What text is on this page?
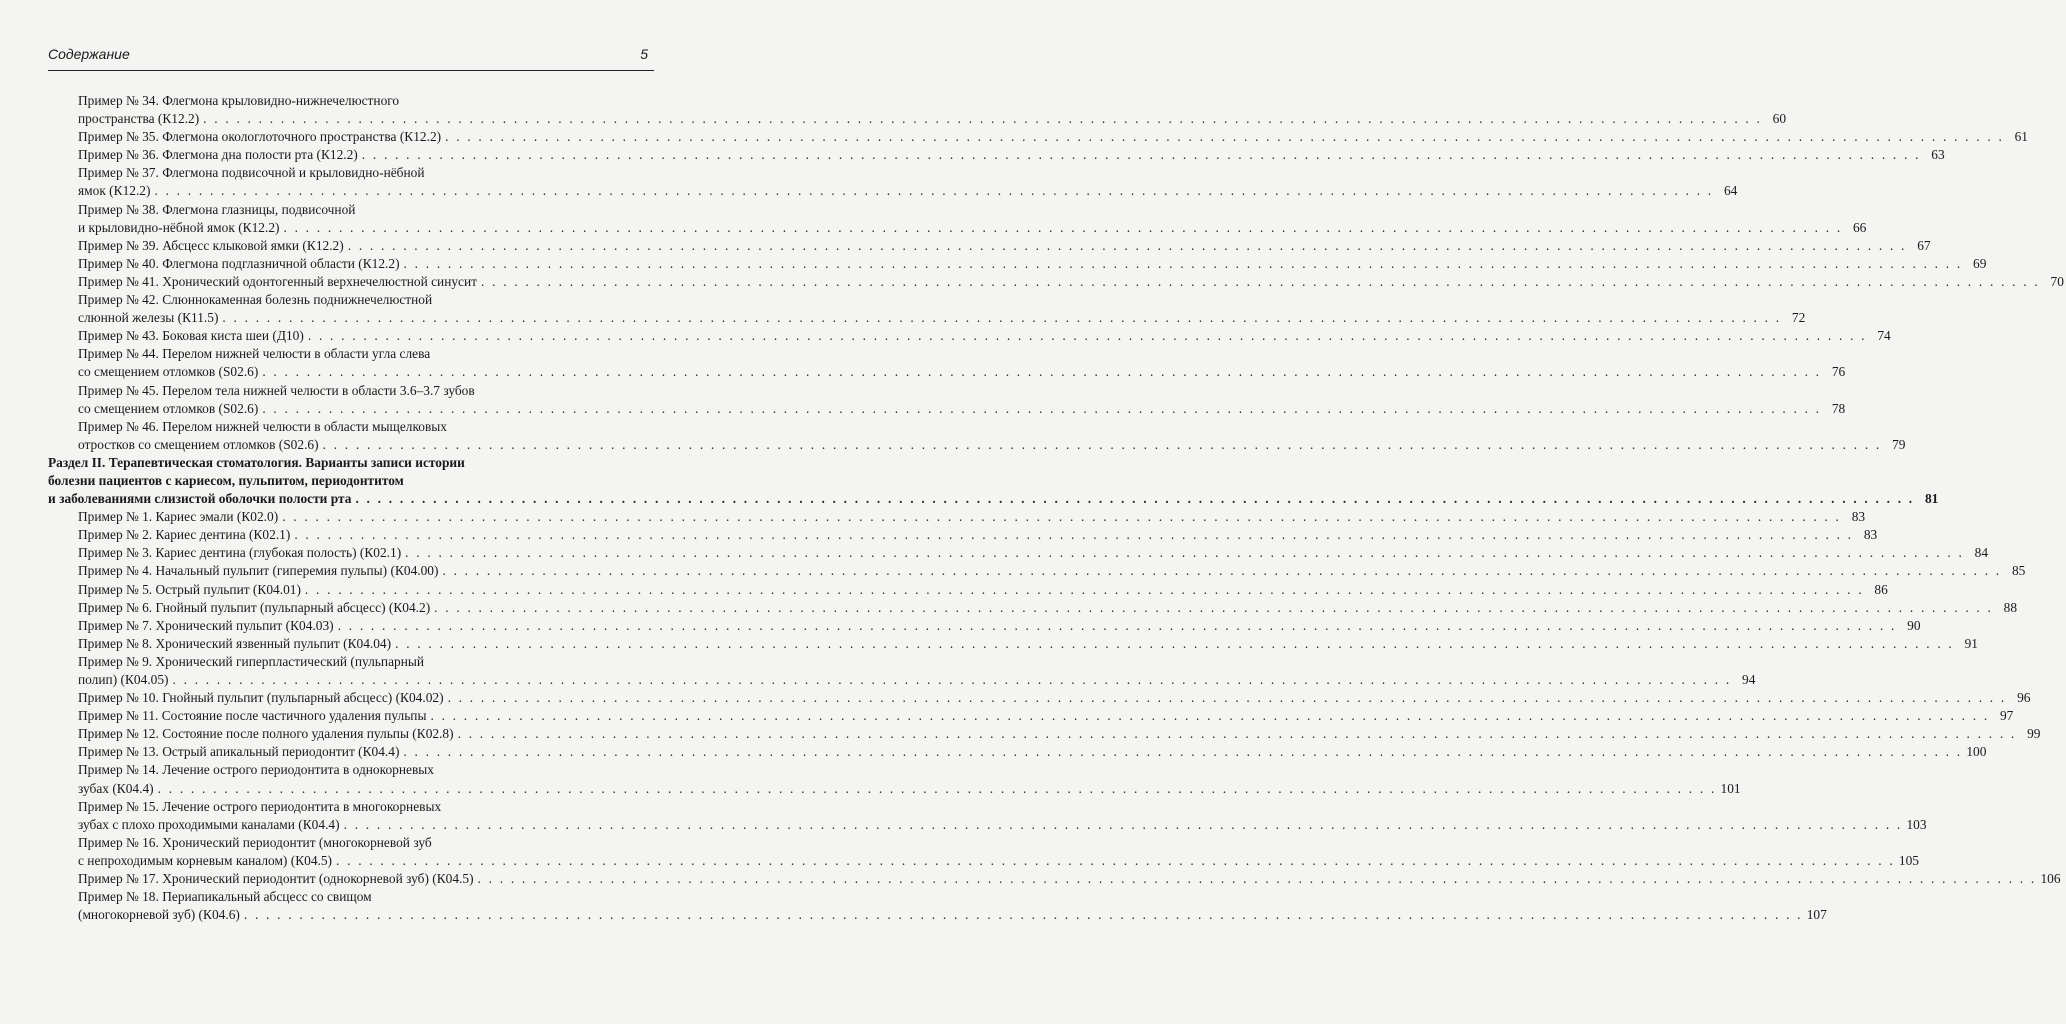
Содержание	5
Пример № 34. Флегмона крыловидно-нижнечелюстного
пространства (К12.2) . . . . . . . . . . . . . . . . . . . . . . . . . . . . . . . . . . . . . . . . . . . . . . . . . . . . . . . . . . . . . . . . . . . . . . . . . . . . . . . . . . . . . . . . . . . . . . . . . . . . . . . . . . . . . . . . . . . . . . . . . . . . . . . . . . . . . . . . . . . . . 60
Пример № 35. Флегмона окологлоточного пространства (К12.2) . . . . . . . . . . . . . . . . . . . . . . . . . . . . . . . . . . . . . . . . . . . . . . . . . . . . . . . . . . . . . . . . . . . . . . . . . . . . . . . . . . . . . . . . . . . . . . . . . . . . . . . . . . . . . . . . . . . . . . . . . . . . . . . . . . . . . . . . . . . . . 61
Пример № 36. Флегмона дна полости рта (К12.2) . . . . . . . . . . . . . . . . . . . . . . . . . . . . . . . . . . . . . . . . . . . . . . . . . . . . . . . . . . . . . . . . . . . . . . . . . . . . . . . . . . . . . . . . . . . . . . . . . . . . . . . . . . . . . . . . . . . . . . . . . . . . . . . . . . . . . . . . . . . . . 63
Пример № 37. Флегмона подвисочной и крыловидно-нёбной
ямок (К12.2) . . . . . . . . . . . . . . . . . . . . . . . . . . . . . . . . . . . . . . . . . . . . . . . . . . . . . . . . . . . . . . . . . . . . . . . . . . . . . . . . . . . . . . . . . . . . . . . . . . . . . . . . . . . . . . . . . . . . . . . . . . . . . . . . . . . . . . . . . . . . . 64
Пример № 38. Флегмона глазницы, подвисочной
и крыловидно-нёбной ямок (К12.2) . . . . . . . . . . . . . . . . . . . . . . . . . . . . . . . . . . . . . . . . . . . . . . . . . . . . . . . . . . . . . . . . . . . . . . . . . . . . . . . . . . . . . . . . . . . . . . . . . . . . . . . . . . . . . . . . . . . . . . . . . . . . . . . . . . . . . . . . . . . . . 66
Пример № 39. Абсцесс клыковой ямки (К12.2) . . . . . . . . . . . . . . . . . . . . . . . . . . . . . . . . . . . . . . . . . . . . . . . . . . . . . . . . . . . . . . . . . . . . . . . . . . . . . . . . . . . . . . . . . . . . . . . . . . . . . . . . . . . . . . . . . . . . . . . . . . . . . . . . . . . . . . . . . . . . . 67
Пример № 40. Флегмона подглазничной области (К12.2) . . . . . . . . . . . . . . . . . . . . . . . . . . . . . . . . . . . . . . . . . . . . . . . . . . . . . . . . . . . . . . . . . . . . . . . . . . . . . . . . . . . . . . . . . . . . . . . . . . . . . . . . . . . . . . . . . . . . . . . . . . . . . . . . . . . . . . . . . . . . . 69
Пример № 41. Хронический одонтогенный верхнечелюстной синусит . . . . . . . . . . . . . . . . . . . . . . . . . . . . . . . . . . . . . . . . . . . . . . . . . . . . . . . . . . . . . . . . . . . . . . . . . . . . . . . . . . . . . . . . . . . . . . . . . . . . . . . . . . . . . . . . . . . . . . . . . . . . . . . . . . . . . . . . . . . . . 70
Пример № 42. Слюннокаменная болезнь поднижнечелюстной
слюнной железы (К11.5) . . . . . . . . . . . . . . . . . . . . . . . . . . . . . . . . . . . . . . . . . . . . . . . . . . . . . . . . . . . . . . . . . . . . . . . . . . . . . . . . . . . . . . . . . . . . . . . . . . . . . . . . . . . . . . . . . . . . . . . . . . . . . . . . . . . . . . . . . . . . . 72
Пример № 43. Боковая киста шеи (Д10) . . . . . . . . . . . . . . . . . . . . . . . . . . . . . . . . . . . . . . . . . . . . . . . . . . . . . . . . . . . . . . . . . . . . . . . . . . . . . . . . . . . . . . . . . . . . . . . . . . . . . . . . . . . . . . . . . . . . . . . . . . . . . . . . . . . . . . . . . . . . . 74
Пример № 44. Перелом нижней челюсти в области угла слева
со смещением отломков (S02.6) . . . . . . . . . . . . . . . . . . . . . . . . . . . . . . . . . . . . . . . . . . . . . . . . . . . . . . . . . . . . . . . . . . . . . . . . . . . . . . . . . . . . . . . . . . . . . . . . . . . . . . . . . . . . . . . . . . . . . . . . . . . . . . . . . . . . . . . . . . . . . 76
Пример № 45. Перелом тела нижней челюсти в области 3.6–3.7 зубов
со смещением отломков (S02.6) . . . . . . . . . . . . . . . . . . . . . . . . . . . . . . . . . . . . . . . . . . . . . . . . . . . . . . . . . . . . . . . . . . . . . . . . . . . . . . . . . . . . . . . . . . . . . . . . . . . . . . . . . . . . . . . . . . . . . . . . . . . . . . . . . . . . . . . . . . . . . 78
Пример № 46. Перелом нижней челюсти в области мыщелковых
отростков со смещением отломков (S02.6) . . . . . . . . . . . . . . . . . . . . . . . . . . . . . . . . . . . . . . . . . . . . . . . . . . . . . . . . . . . . . . . . . . . . . . . . . . . . . . . . . . . . . . . . . . . . . . . . . . . . . . . . . . . . . . . . . . . . . . . . . . . . . . . . . . . . . . . . . . . . . 79
Раздел II. Терапевтическая стоматология. Варианты записи истории
болезни пациентов с кариесом, пульпитом, периодонтитом
и заболеваниями слизистой оболочки полости рта . . . . . . . . . . . . . . . . . . . . . . . . . . . . . . . . . . . . . . . . . . . . . . . . . . . . . . . . . . . . . . . . . . . . . . . . . . . . . . . . . . . . . . . . . . . . . . . . . . . . . . . . . . . . . . . . . . . . . . . . . . . . . . . . . . . . . . . . . . . . . 81
Пример № 1. Кариес эмали (К02.0) . . . . . . . . . . . . . . . . . . . . . . . . . . . . . . . . . . . . . . . . . . . . . . . . . . . . . . . . . . . . . . . . . . . . . . . . . . . . . . . . . . . . . . . . . . . . . . . . . . . . . . . . . . . . . . . . . . . . . . . . . . . . . . . . . . . . . . . . . . . . . 83
Пример № 2. Кариес дентина (К02.1) . . . . . . . . . . . . . . . . . . . . . . . . . . . . . . . . . . . . . . . . . . . . . . . . . . . . . . . . . . . . . . . . . . . . . . . . . . . . . . . . . . . . . . . . . . . . . . . . . . . . . . . . . . . . . . . . . . . . . . . . . . . . . . . . . . . . . . . . . . . . . 83
Пример № 3. Кариес дентина (глубокая полость) (К02.1) . . . . . . . . . . . . . . . . . . . . . . . . . . . . . . . . . . . . . . . . . . . . . . . . . . . . . . . . . . . . . . . . . . . . . . . . . . . . . . . . . . . . . . . . . . . . . . . . . . . . . . . . . . . . . . . . . . . . . . . . . . . . . . . . . . . . . . . . . . . . . 84
Пример № 4. Начальный пульпит (гиперемия пульпы) (К04.00) . . . . . . . . . . . . . . . . . . . . . . . . . . . . . . . . . . . . . . . . . . . . . . . . . . . . . . . . . . . . . . . . . . . . . . . . . . . . . . . . . . . . . . . . . . . . . . . . . . . . . . . . . . . . . . . . . . . . . . . . . . . . . . . . . . . . . . . . . . . . . 85
Пример № 5. Острый пульпит (К04.01) . . . . . . . . . . . . . . . . . . . . . . . . . . . . . . . . . . . . . . . . . . . . . . . . . . . . . . . . . . . . . . . . . . . . . . . . . . . . . . . . . . . . . . . . . . . . . . . . . . . . . . . . . . . . . . . . . . . . . . . . . . . . . . . . . . . . . . . . . . . . . 86
Пример № 6. Гнойный пульпит (пульпарный абсцесс) (К04.2) . . . . . . . . . . . . . . . . . . . . . . . . . . . . . . . . . . . . . . . . . . . . . . . . . . . . . . . . . . . . . . . . . . . . . . . . . . . . . . . . . . . . . . . . . . . . . . . . . . . . . . . . . . . . . . . . . . . . . . . . . . . . . . . . . . . . . . . . . . . . . 88
Пример № 7. Хронический пульпит (К04.03) . . . . . . . . . . . . . . . . . . . . . . . . . . . . . . . . . . . . . . . . . . . . . . . . . . . . . . . . . . . . . . . . . . . . . . . . . . . . . . . . . . . . . . . . . . . . . . . . . . . . . . . . . . . . . . . . . . . . . . . . . . . . . . . . . . . . . . . . . . . . . 90
Пример № 8. Хронический язвенный пульпит (К04.04) . . . . . . . . . . . . . . . . . . . . . . . . . . . . . . . . . . . . . . . . . . . . . . . . . . . . . . . . . . . . . . . . . . . . . . . . . . . . . . . . . . . . . . . . . . . . . . . . . . . . . . . . . . . . . . . . . . . . . . . . . . . . . . . . . . . . . . . . . . . . . 91
Пример № 9. Хронический гиперпластический (пульпарный
полип) (К04.05) . . . . . . . . . . . . . . . . . . . . . . . . . . . . . . . . . . . . . . . . . . . . . . . . . . . . . . . . . . . . . . . . . . . . . . . . . . . . . . . . . . . . . . . . . . . . . . . . . . . . . . . . . . . . . . . . . . . . . . . . . . . . . . . . . . . . . . . . . . . . . 94
Пример № 10. Гнойный пульпит (пульпарный абсцесс) (К04.02) . . . . . . . . . . . . . . . . . . . . . . . . . . . . . . . . . . . . . . . . . . . . . . . . . . . . . . . . . . . . . . . . . . . . . . . . . . . . . . . . . . . . . . . . . . . . . . . . . . . . . . . . . . . . . . . . . . . . . . . . . . . . . . . . . . . . . . . . . . . . . 96
Пример № 11. Состояние после частичного удаления пульпы . . . . . . . . . . . . . . . . . . . . . . . . . . . . . . . . . . . . . . . . . . . . . . . . . . . . . . . . . . . . . . . . . . . . . . . . . . . . . . . . . . . . . . . . . . . . . . . . . . . . . . . . . . . . . . . . . . . . . . . . . . . . . . . . . . . . . . . . . . . . . 97
Пример № 12. Состояние после полного удаления пульпы (К02.8) . . . . . . . . . . . . . . . . . . . . . . . . . . . . . . . . . . . . . . . . . . . . . . . . . . . . . . . . . . . . . . . . . . . . . . . . . . . . . . . . . . . . . . . . . . . . . . . . . . . . . . . . . . . . . . . . . . . . . . . . . . . . . . . . . . . . . . . . . . . . . 99
Пример № 13. Острый апикальный периодонтит (К04.4) . . . . . . . . . . . . . . . . . . . . . . . . . . . . . . . . . . . . . . . . . . . . . . . . . . . . . . . . . . . . . . . . . . . . . . . . . . . . . . . . . . . . . . . . . . . . . . . . . . . . . . . . . . . . . . . . . . . . . . . . . . . . . . . . . . . . . . . . . . . . . 100
Пример № 14. Лечение острого периодонтита в однокорневых
зубах (К04.4) . . . . . . . . . . . . . . . . . . . . . . . . . . . . . . . . . . . . . . . . . . . . . . . . . . . . . . . . . . . . . . . . . . . . . . . . . . . . . . . . . . . . . . . . . . . . . . . . . . . . . . . . . . . . . . . . . . . . . . . . . . . . . . . . . . . . . . . . . . . . . 101
Пример № 15. Лечение острого периодонтита в многокорневых
зубах с плохо проходимыми каналами (К04.4) . . . . . . . . . . . . . . . . . . . . . . . . . . . . . . . . . . . . . . . . . . . . . . . . . . . . . . . . . . . . . . . . . . . . . . . . . . . . . . . . . . . . . . . . . . . . . . . . . . . . . . . . . . . . . . . . . . . . . . . . . . . . . . . . . . . . . . . . . . . . . 103
Пример № 16. Хронический периодонтит (многокорневой зуб
с непроходимым корневым каналом) (К04.5) . . . . . . . . . . . . . . . . . . . . . . . . . . . . . . . . . . . . . . . . . . . . . . . . . . . . . . . . . . . . . . . . . . . . . . . . . . . . . . . . . . . . . . . . . . . . . . . . . . . . . . . . . . . . . . . . . . . . . . . . . . . . . . . . . . . . . . . . . . . . . 105
Пример № 17. Хронический периодонтит (однокорневой зуб) (К04.5) . . . . . . . . . . . . . . . . . . . . . . . . . . . . . . . . . . . . . . . . . . . . . . . . . . . . . . . . . . . . . . . . . . . . . . . . . . . . . . . . . . . . . . . . . . . . . . . . . . . . . . . . . . . . . . . . . . . . . . . . . . . . . . . . . . . . . . . . . . . . . 106
Пример № 18. Периапикальный абсцесс со свищом
(многокорневой зуб) (К04.6) . . . . . . . . . . . . . . . . . . . . . . . . . . . . . . . . . . . . . . . . . . . . . . . . . . . . . . . . . . . . . . . . . . . . . . . . . . . . . . . . . . . . . . . . . . . . . . . . . . . . . . . . . . . . . . . . . . . . . . . . . . . . . . . . . . . . . . . . . . . . . 107
